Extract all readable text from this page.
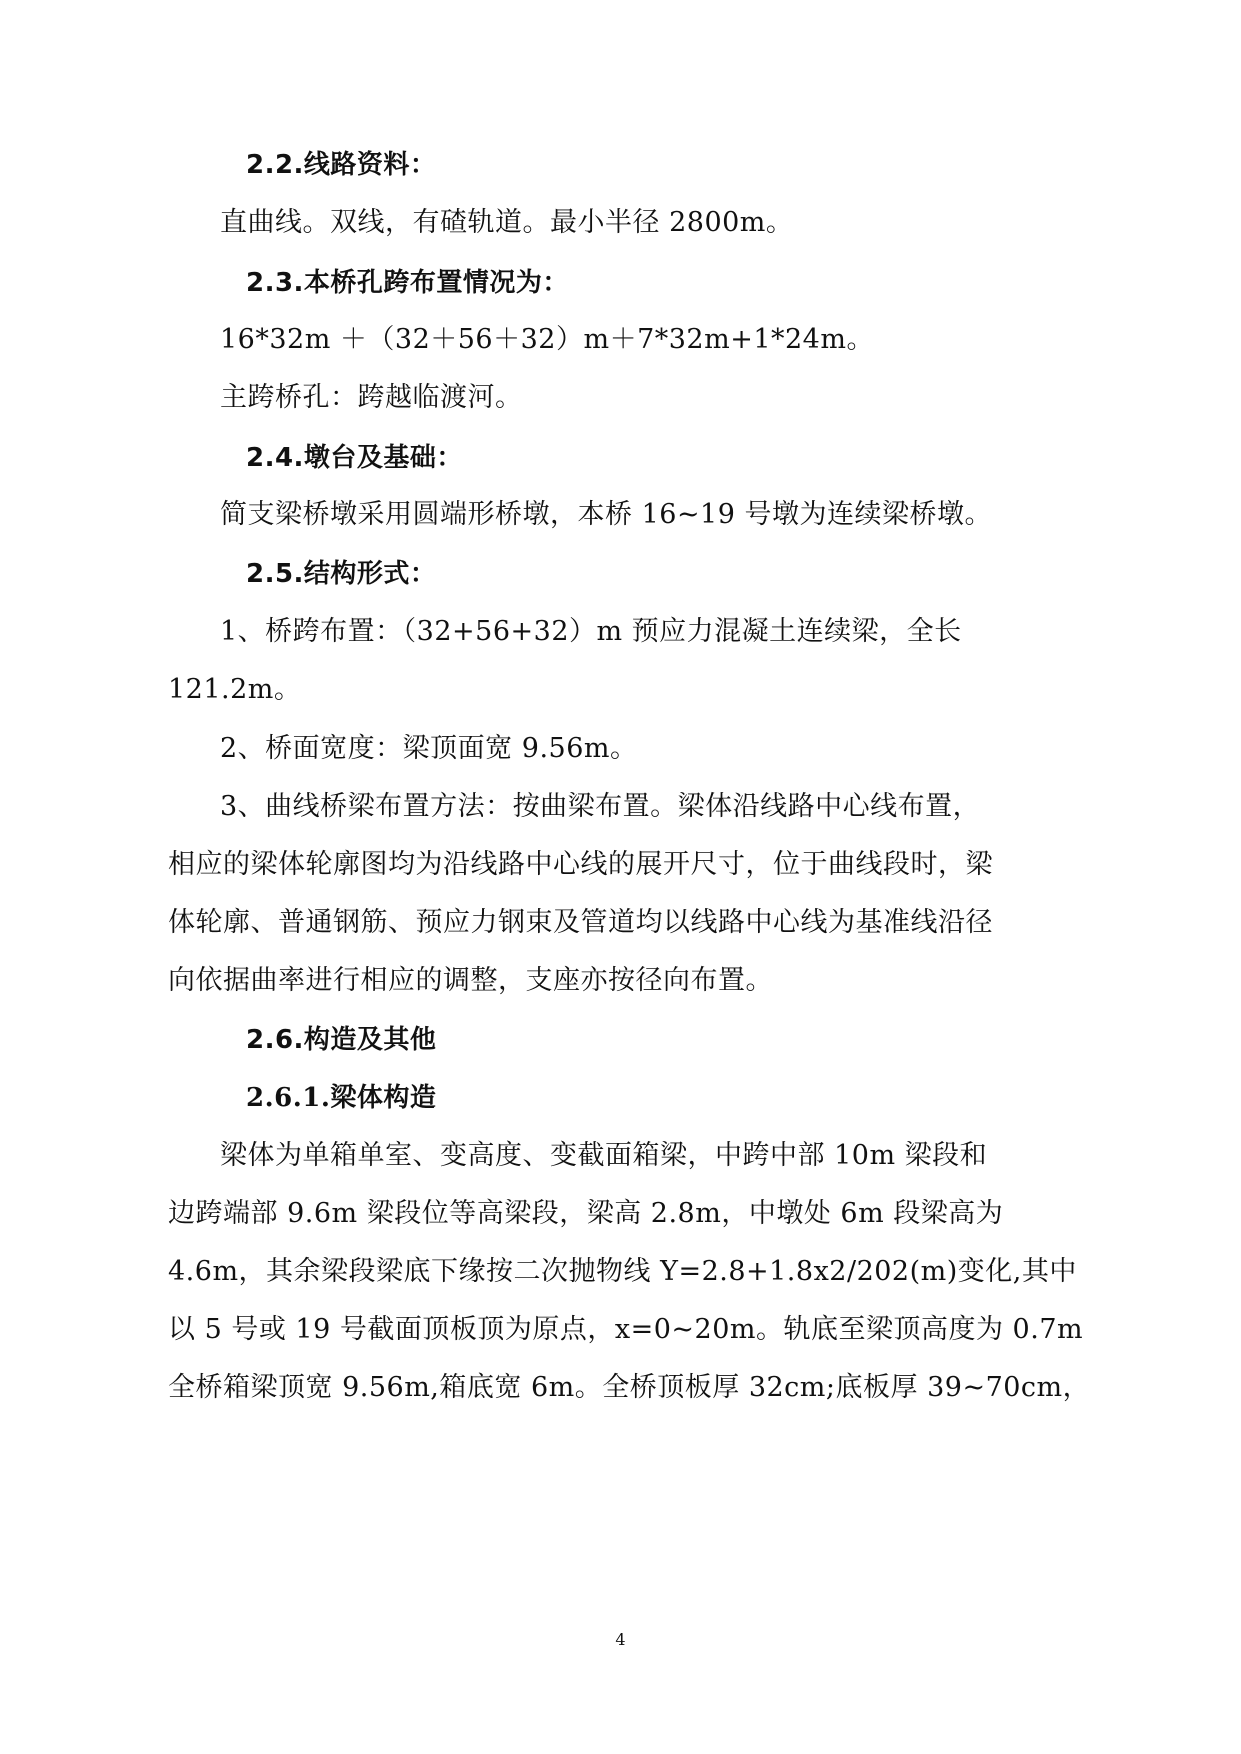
2.2.线路资料：
直曲线。双线，有碴轨道。最小半径 2800m。
2.3.本桥孔跨布置情况为：
16*32m ＋（32＋56＋32）m＋7*32m+1*24m。
主跨桥孔：跨越临渡河。
2.4.墩台及基础：
简支梁桥墩采用圆端形桥墩，本桥 16~19 号墩为连续梁桥墩。
2.5.结构形式：
1、桥跨布置：（32+56+32）m 预应力混凝土连续梁，全长
121.2m。
2、桥面宽度：梁顶面宽 9.56m。
3、曲线桥梁布置方法：按曲梁布置。梁体沿线路中心线布置，
相应的梁体轮廓图均为沿线路中心线的展开尺寸，位于曲线段时，梁
体轮廓、普通钢筋、预应力钢束及管道均以线路中心线为基准线沿径
向依据曲率进行相应的调整，支座亦按径向布置。
2.6.构造及其他
2.6.1.梁体构造
梁体为单箱单室、变高度、变截面箱梁，中跨中部 10m 梁段和
边跨端部 9.6m 梁段位等高梁段，梁高 2.8m，中墩处 6m 段梁高为
4.6m，其余梁段梁底下缘按二次抛物线 Y=2.8+1.8x2/202(m)变化,其中
以 5 号或 19 号截面顶板顶为原点，x=0~20m。轨底至梁顶高度为 0.7m
全桥箱梁顶宽 9.56m,箱底宽 6m。全桥顶板厚 32cm;底板厚 39~70cm，
4
